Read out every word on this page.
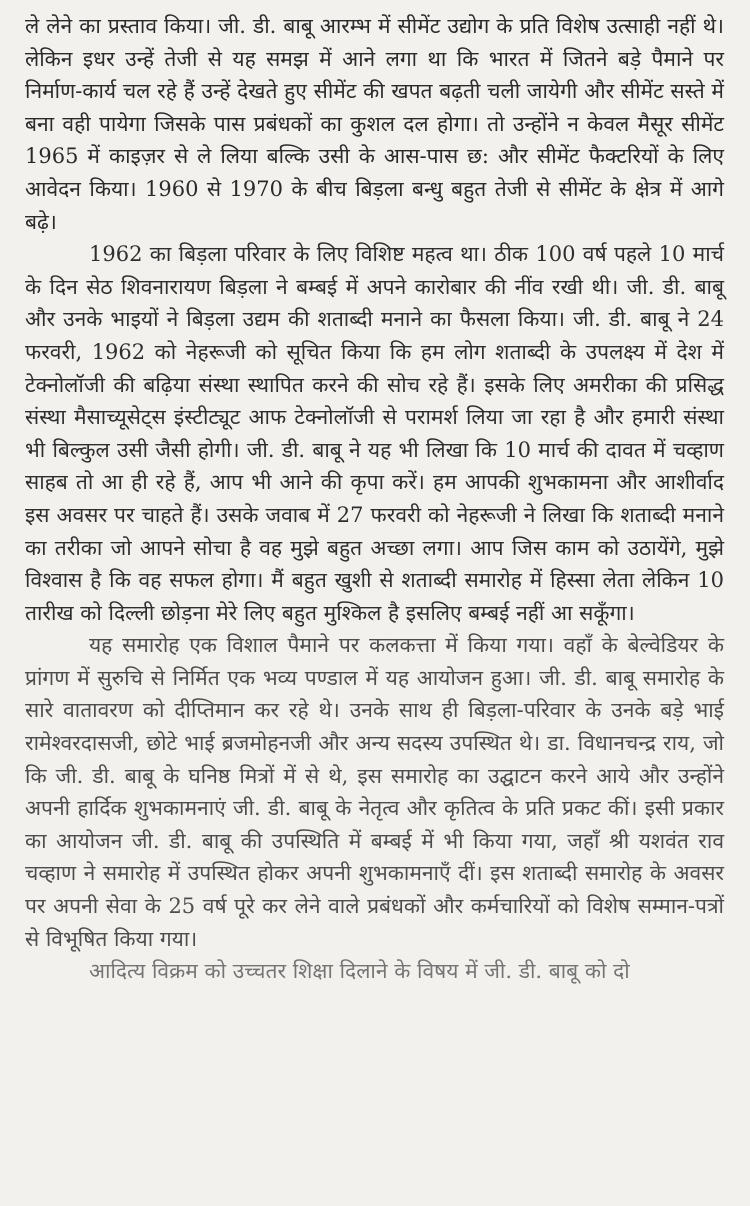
ले लेने का प्रस्ताव किया। जी. डी. बाबू आरम्भ में सीमेंट उद्योग के प्रति विशेष उत्साही नहीं थे। लेकिन इधर उन्हें तेजी से यह समझ में आने लगा था कि भारत में जितने बड़े पैमाने पर निर्माण-कार्य चल रहे हैं उन्हें देखते हुए सीमेंट की खपत बढ़ती चली जायेगी और सीमेंट सस्ते में बना वही पायेगा जिसके पास प्रबंधकों का कुशल दल होगा। तो उन्होंने न केवल मैसूर सीमेंट 1965 में काइज़र से ले लिया बल्कि उसी के आस-पास छ: और सीमेंट फैक्टरियों के लिए आवेदन किया। 1960 से 1970 के बीच बिड़ला बन्धु बहुत तेजी से सीमेंट के क्षेत्र में आगे बढ़े।

1962 का बिड़ला परिवार के लिए विशिष्ट महत्व था। ठीक 100 वर्ष पहले 10 मार्च के दिन सेठ शिवनारायण बिड़ला ने बम्बई में अपने कारोबार की नींव रखी थी। जी. डी. बाबू और उनके भाइयों ने बिड़ला उद्यम की शताब्दी मनाने का फैसला किया। जी. डी. बाबू ने 24 फरवरी, 1962 को नेहरूजी को सूचित किया कि हम लोग शताब्दी के उपलक्ष्य में देश में टेक्नोलॉजी की बढ़िया संस्था स्थापित करने की सोच रहे हैं। इसके लिए अमरीका की प्रसिद्ध संस्था मैसाच्यूसेट्स इंस्टीट्यूट आफ टेक्नोलॉजी से परामर्श लिया जा रहा है और हमारी संस्था भी बिल्कुल उसी जैसी होगी। जी. डी. बाबू ने यह भी लिखा कि 10 मार्च की दावत में चव्हाण साहब तो आ ही रहे हैं, आप भी आने की कृपा करें। हम आपकी शुभकामना और आशीर्वाद इस अवसर पर चाहते हैं। उसके जवाब में 27 फरवरी को नेहरूजी ने लिखा कि शताब्दी मनाने का तरीका जो आपने सोचा है वह मुझे बहुत अच्छा लगा। आप जिस काम को उठायेंगे, मुझे विश्वास है कि वह सफल होगा। मैं बहुत खुशी से शताब्दी समारोह में हिस्सा लेता लेकिन 10 तारीख को दिल्ली छोड़ना मेरे लिए बहुत मुश्किल है इसलिए बम्बई नहीं आ सकूँगा।

यह समारोह एक विशाल पैमाने पर कलकत्ता में किया गया। वहाँ के बेल्वेडियर के प्रांगण में सुरुचि से निर्मित एक भव्य पण्डाल में यह आयोजन हुआ। जी. डी. बाबू समारोह के सारे वातावरण को दीप्तिमान कर रहे थे। उनके साथ ही बिड़ला-परिवार के उनके बड़े भाई रामेश्वरदासजी, छोटे भाई ब्रजमोहनजी और अन्य सदस्य उपस्थित थे। डा. विधानचन्द्र राय, जो कि जी. डी. बाबू के घनिष्ठ मित्रों में से थे, इस समारोह का उद्घाटन करने आये और उन्होंने अपनी हार्दिक शुभकामनाएं जी. डी. बाबू के नेतृत्व और कृतित्व के प्रति प्रकट कीं। इसी प्रकार का आयोजन जी. डी. बाबू की उपस्थिति में बम्बई में भी किया गया, जहाँ श्री यशवंत राव चव्हाण ने समारोह में उपस्थित होकर अपनी शुभकामनाएँ दीं। इस शताब्दी समारोह के अवसर पर अपनी सेवा के 25 वर्ष पूरे कर लेने वाले प्रबंधकों और कर्मचारियों को विशेष सम्मान-पत्रों से विभूषित किया गया।

आदित्य विक्रम को उच्चतर शिक्षा दिलाने के विषय में जी. डी. बाबू को दो
